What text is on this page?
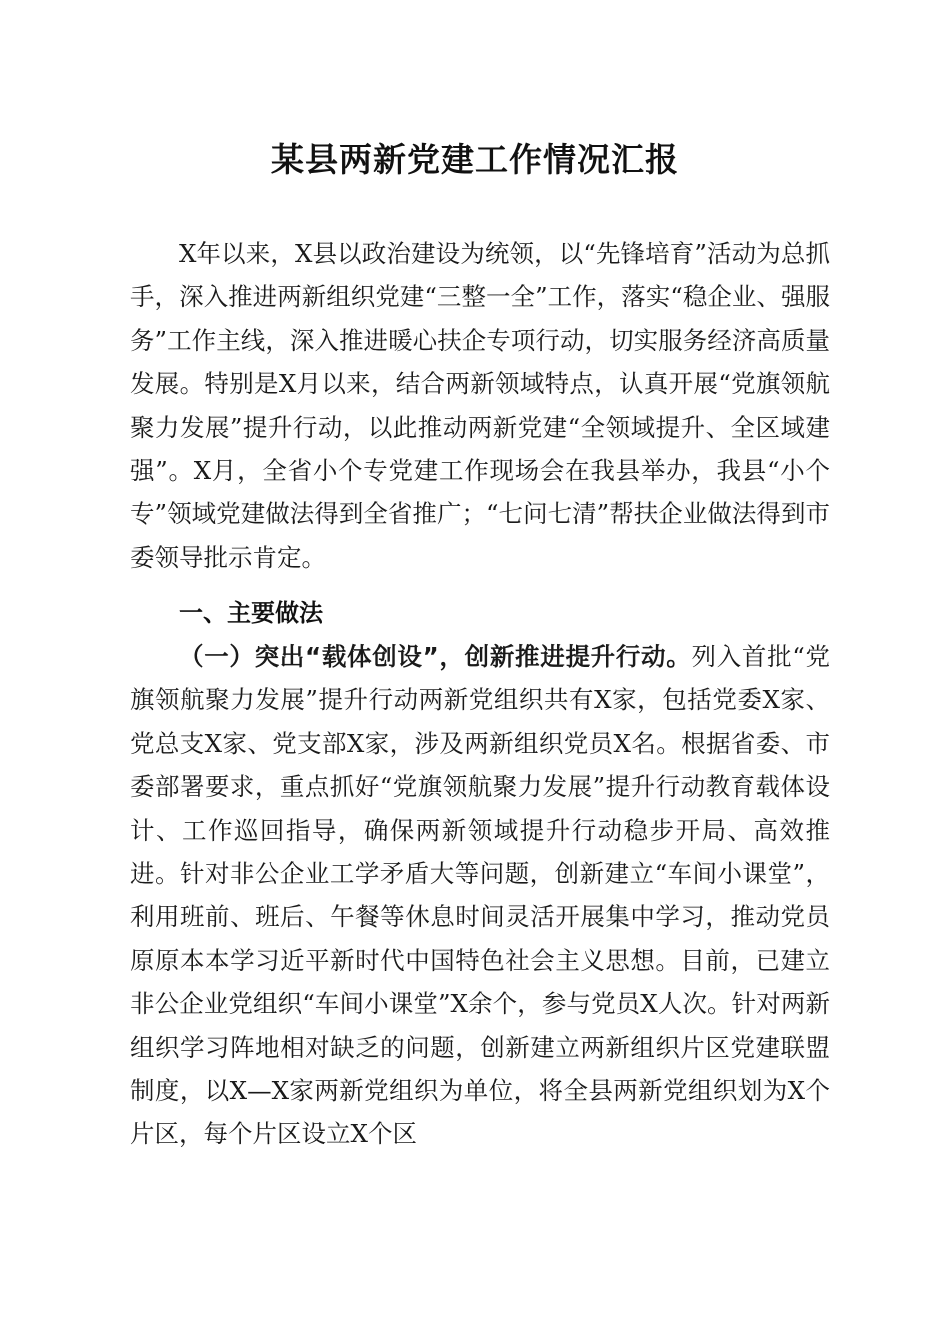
某县两新党建工作情况汇报

X年以来，X县以政治建设为统领，以“先锋培育”活动为总抓手，深入推进两新组织党建“三整一全”工作，落实“稳企业、强服务”工作主线，深入推进暖心扶企专项行动，切实服务经济高质量发展。特别是X月以来，结合两新领域特点，认真开展“党旗领航聚力发展”提升行动，以此推动两新党建“全领域提升、全区域建强”。X月，全省小个专党建工作现场会在我县举办，我县“小个专”领域党建做法得到全省推广；“七问七清”帮扶企业做法得到市委领导批示肯定。

一、主要做法

（一）突出“载体创设”，创新推进提升行动。列入首批“党旗领航聚力发展”提升行动两新党组织共有X家，包括党委X家、党总支X家、党支部X家，涉及两新组织党员X名。根据省委、市委部署要求，重点抓好“党旗领航聚力发展”提升行动教育载体设计、工作巡回指导，确保两新领域提升行动稳步开局、高效推进。针对非公企业工学矛盾大等问题，创新建立“车间小课堂”，利用班前、班后、午餐等休息时间灵活开展集中学习，推动党员原原本本学习近平新时代中国特色社会主义思想。目前，已建立非公企业党组织“车间小课堂”X余个，参与党员X人次。针对两新组织学习阵地相对缺乏的问题，创新建立两新组织片区党建联盟制度，以X—X家两新党组织为单位，将全县两新党组织划为X个片区，每个片区设立X个区
